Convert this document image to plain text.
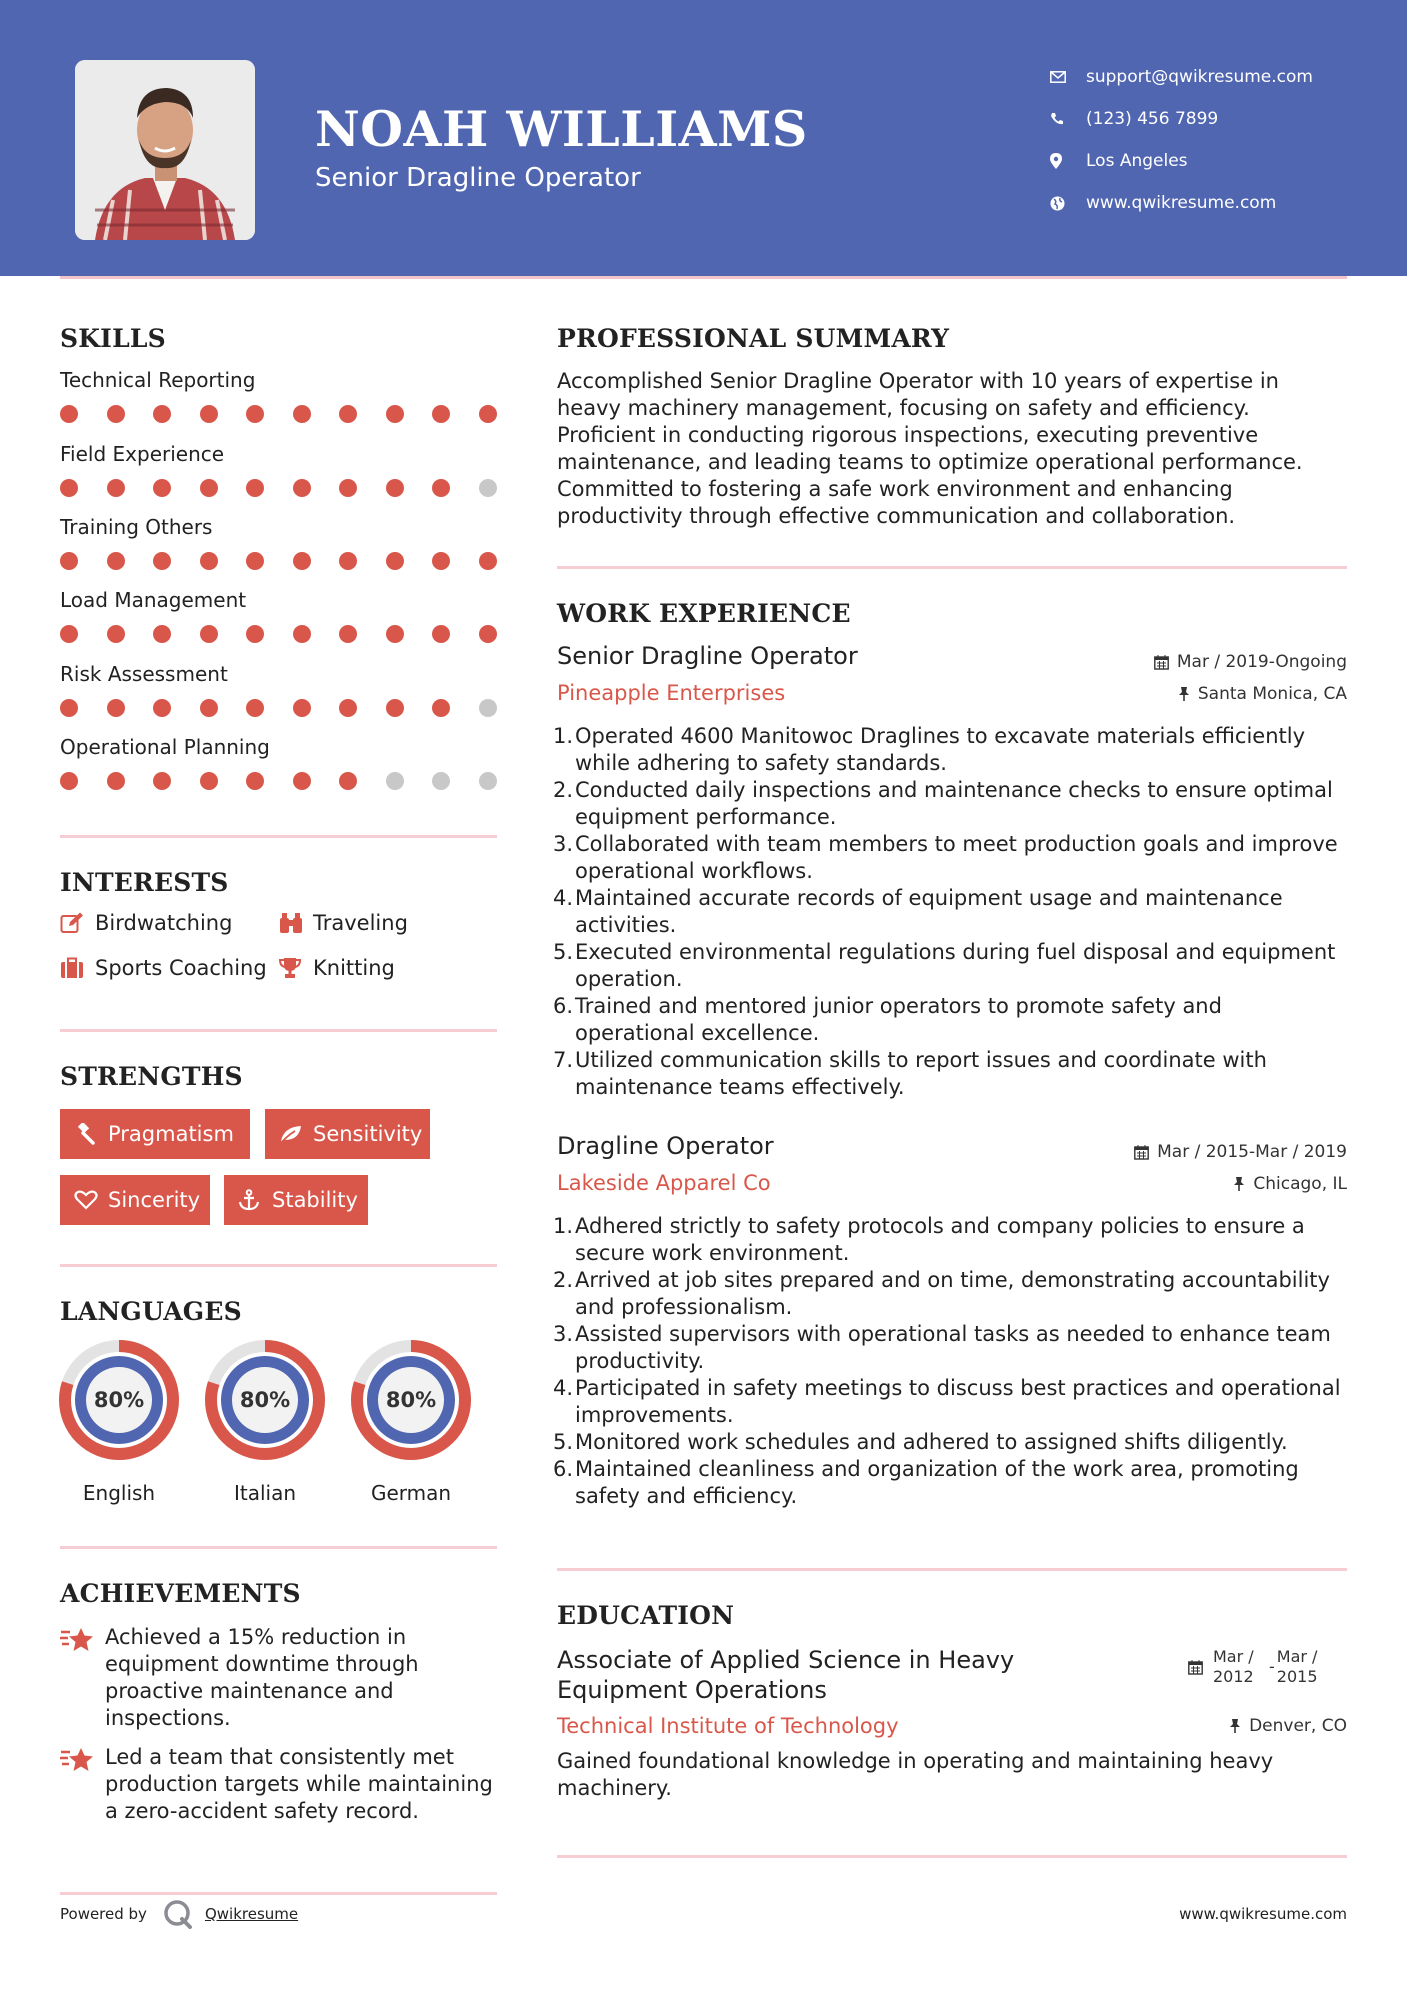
NOAH WILLIAMS
Senior Dragline Operator
support@qwikresume.com
(123) 456 7899
Los Angeles
www.qwikresume.com
SKILLS
Technical Reporting
Field Experience
Training Others
Load Management
Risk Assessment
Operational Planning
INTERESTS
Birdwatching	Traveling
Sports Coaching Knitting
STRENGTHS
Pragmatism	Sensitivity
Sincerity	Stability
LANGUAGES
80%
English
80%
Italian
80%
German
ACHIEVEMENTS
Achieved a 15% reduction in equipment downtime through proactive maintenance and inspections.
Led a team that consistently met production targets while maintaining a zero-accident safety record.
PROFESSIONAL SUMMARY
Accomplished Senior Dragline Operator with 10 years of expertise in heavy machinery management, focusing on safety and efficiency. Proficient in conducting rigorous inspections, executing preventive maintenance, and leading teams to optimize operational performance. Committed to fostering a safe work environment and enhancing productivity through effective communication and collaboration.
WORK EXPERIENCE
Senior Dragline Operator	Mar / 2019-Ongoing
Pineapple Enterprises	Santa Monica, CA
1. Operated 4600 Manitowoc Draglines to excavate materials efficiently while adhering to safety standards.
2. Conducted daily inspections and maintenance checks to ensure optimal equipment performance.
3. Collaborated with team members to meet production goals and improve operational workflows.
4. Maintained accurate records of equipment usage and maintenance activities.
5. Executed environmental regulations during fuel disposal and equipment operation.
6. Trained and mentored junior operators to promote safety and operational excellence.
7. Utilized communication skills to report issues and coordinate with maintenance teams effectively.
Dragline Operator	Mar / 2015-Mar / 2019
Lakeside Apparel Co	Chicago, IL
1. Adhered strictly to safety protocols and company policies to ensure a secure work environment.
2. Arrived at job sites prepared and on time, demonstrating accountability and professionalism.
3. Assisted supervisors with operational tasks as needed to enhance team productivity.
4. Participated in safety meetings to discuss best practices and operational improvements.
5. Monitored work schedules and adhered to assigned shifts diligently.
6. Maintained cleanliness and organization of the work area, promoting safety and efficiency.
EDUCATION
Associate of Applied Science in Heavy Equipment Operations
Mar / 2012
-
Mar / 2015
Technical Institute of Technology	Denver, CO
Gained foundational knowledge in operating and maintaining heavy machinery.
Powered by	Qwikresume	www.qwikresume.com
